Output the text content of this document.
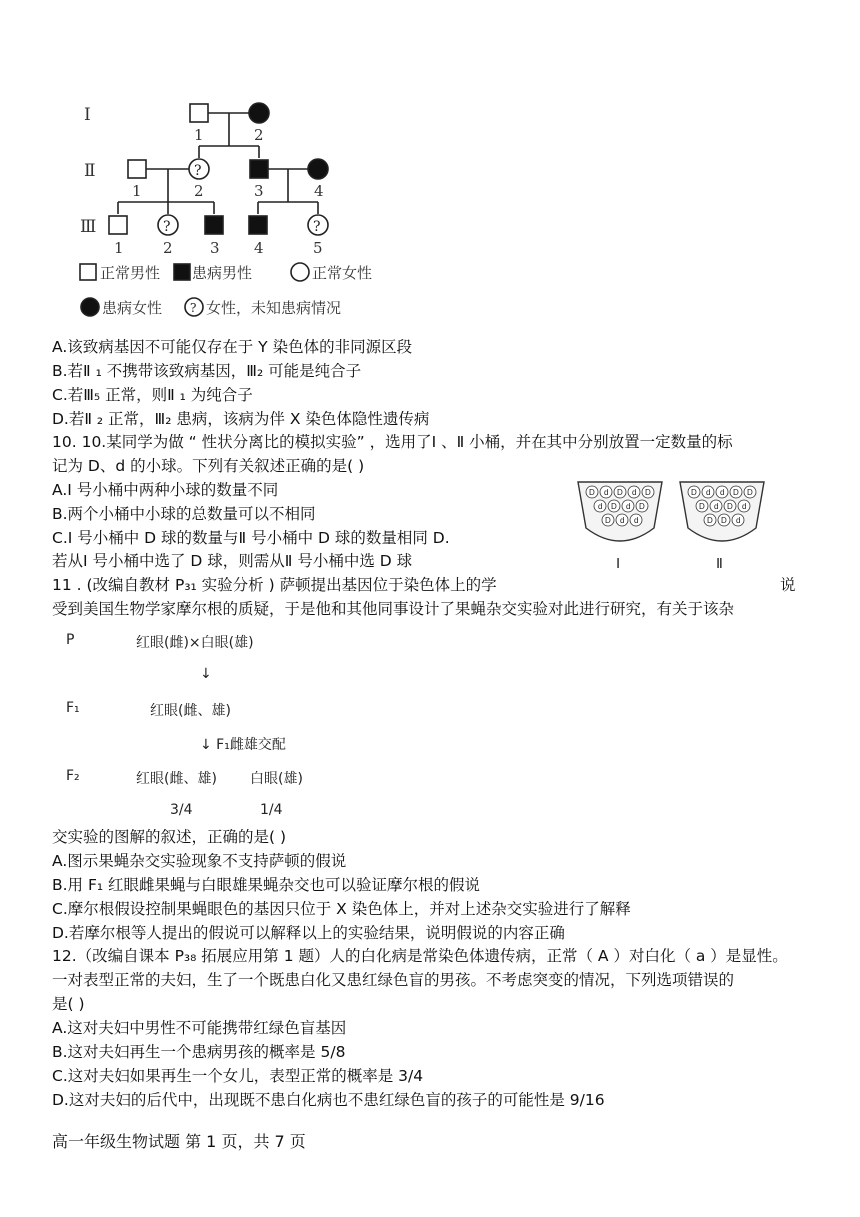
Ⅰ
1	2
Ⅱ	?
1	2	3	4
Ⅲ	?	?
1	2 3 4	5
正常男性 患病男性	正常女性
患病女性 ? 女性，未知患病情况
A.该致病基因不可能仅存在于 Y 染色体的非同源区段
B.若Ⅱ ₁ 不携带该致病基因，Ⅲ₂ 可能是纯合子
C.若Ⅲ₅ 正常，则Ⅱ ₁ 为纯合子
D.若Ⅱ ₂ 正常，Ⅲ₂ 患病，该病为伴 X 染色体隐性遗传病
10. 10.某同学为做 “ 性状分离比的模拟实验” ，选用了Ⅰ 、Ⅱ 小桶，并在其中分别放置一定数量的标
记为 D、d 的小球。下列有关叙述正确的是( )
A.Ⅰ 号小桶中两种小球的数量不同
B.两个小桶中小球的总数量可以不相同
C.Ⅰ 号小桶中 D 球的数量与Ⅱ 号小桶中 D 球的数量相同 D.
若从Ⅰ 号小桶中选了 D 球，则需从Ⅱ 号小桶中选 D 球
D d D d D
d D d D
D d d
D d d D D
D d D d
D D d
Ⅰ	Ⅱ
11 . (改编自教材 P₃₁ 实验分析 ) 萨顿提出基因位于染色体上的学	说
受到美国生物学家摩尔根的质疑，于是他和其他同事设计了果蝇杂交实验对此进行研究，有关于该杂
P	红眼(雌)×白眼(雄)
↓
F₁	红眼(雌、雄)
↓ F₁雌雄交配
F₂	红眼(雌、雄) 白眼(雄)
3/4	1/4
交实验的图解的叙述，正确的是( )
A.图示果蝇杂交实验现象不支持萨顿的假说
B.用 F₁ 红眼雌果蝇与白眼雄果蝇杂交也可以验证摩尔根的假说
C.摩尔根假设控制果蝇眼色的基因只位于 X 染色体上，并对上述杂交实验进行了解释
D.若摩尔根等人提出的假说可以解释以上的实验结果，说明假说的内容正确
12.（改编自课本 P₃₈ 拓展应用第 1 题）人的白化病是常染色体遗传病，正常（ A ）对白化（ a ）是显性。
一对表型正常的夫妇，生了一个既患白化又患红绿色盲的男孩。不考虑突变的情况，下列选项错误的
是( )
A.这对夫妇中男性不可能携带红绿色盲基因
B.这对夫妇再生一个患病男孩的概率是 5/8
C.这对夫妇如果再生一个女儿，表型正常的概率是 3/4
D.这对夫妇的后代中，出现既不患白化病也不患红绿色盲的孩子的可能性是 9/16
高一年级生物试题 第 1 页，共 7 页
